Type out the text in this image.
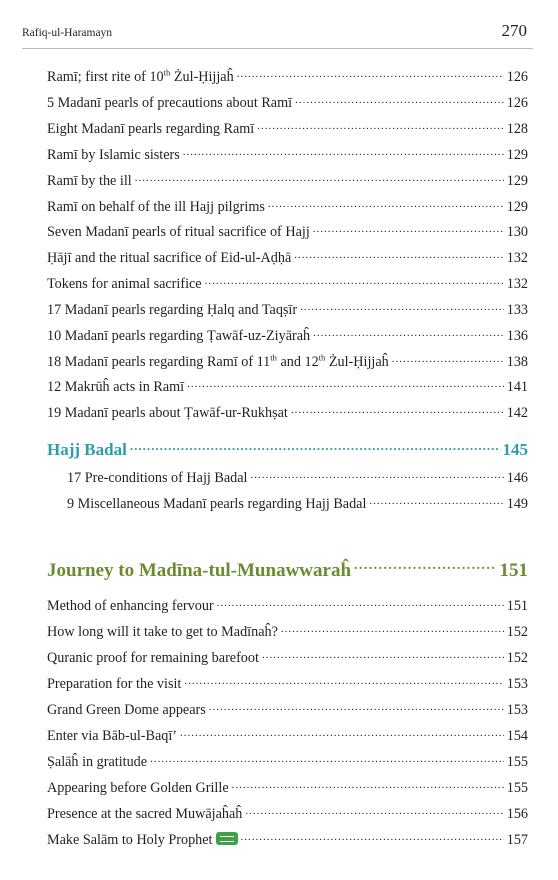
Rafiq-ul-Haramayn	270
Ramī; first rite of 10th Żul-Ḥijjaĥ .....	126
5 Madanī pearls of precautions about Ramī .....	126
Eight Madanī pearls regarding Ramī .....	128
Ramī by Islamic sisters .....	129
Ramī by the ill .....	129
Ramī on behalf of the ill Hajj pilgrims .....	129
Seven Madanī pearls of ritual sacrifice of Hajj .....	130
Ḥājī and the ritual sacrifice of Eid-ul-Aḍḥā .....	132
Tokens for animal sacrifice .....	132
17 Madanī pearls regarding Ḥalq and Taqṣīr .....	133
10 Madanī pearls regarding Ṭawāf-uz-Ziyāraĥ .....	136
18 Madanī pearls regarding Ramī of 11th and 12th Żul-Ḥijjaĥ .....	138
12 Makrūĥ acts in Ramī .....	141
19 Madanī pearls about Ṭawāf-ur-Rukhṣat .....	142
Hajj Badal .....	145
17 Pre-conditions of Hajj Badal .....	146
9 Miscellaneous Madanī pearls regarding Hajj Badal .....	149
Journey to Madīna-tul-Munawwaraĥ .....	151
Method of enhancing fervour .....	151
How long will it take to get to Madīnaĥ? .....	152
Quranic proof for remaining barefoot .....	152
Preparation for the visit .....	153
Grand Green Dome appears .....	153
Enter via Bāb-ul-Baqī’ .....	154
Ṣalāĥ in gratitude .....	155
Appearing before Golden Grille .....	155
Presence at the sacred Muwājaĥaĥ .....	156
Make Salām to Holy Prophet .....	157
